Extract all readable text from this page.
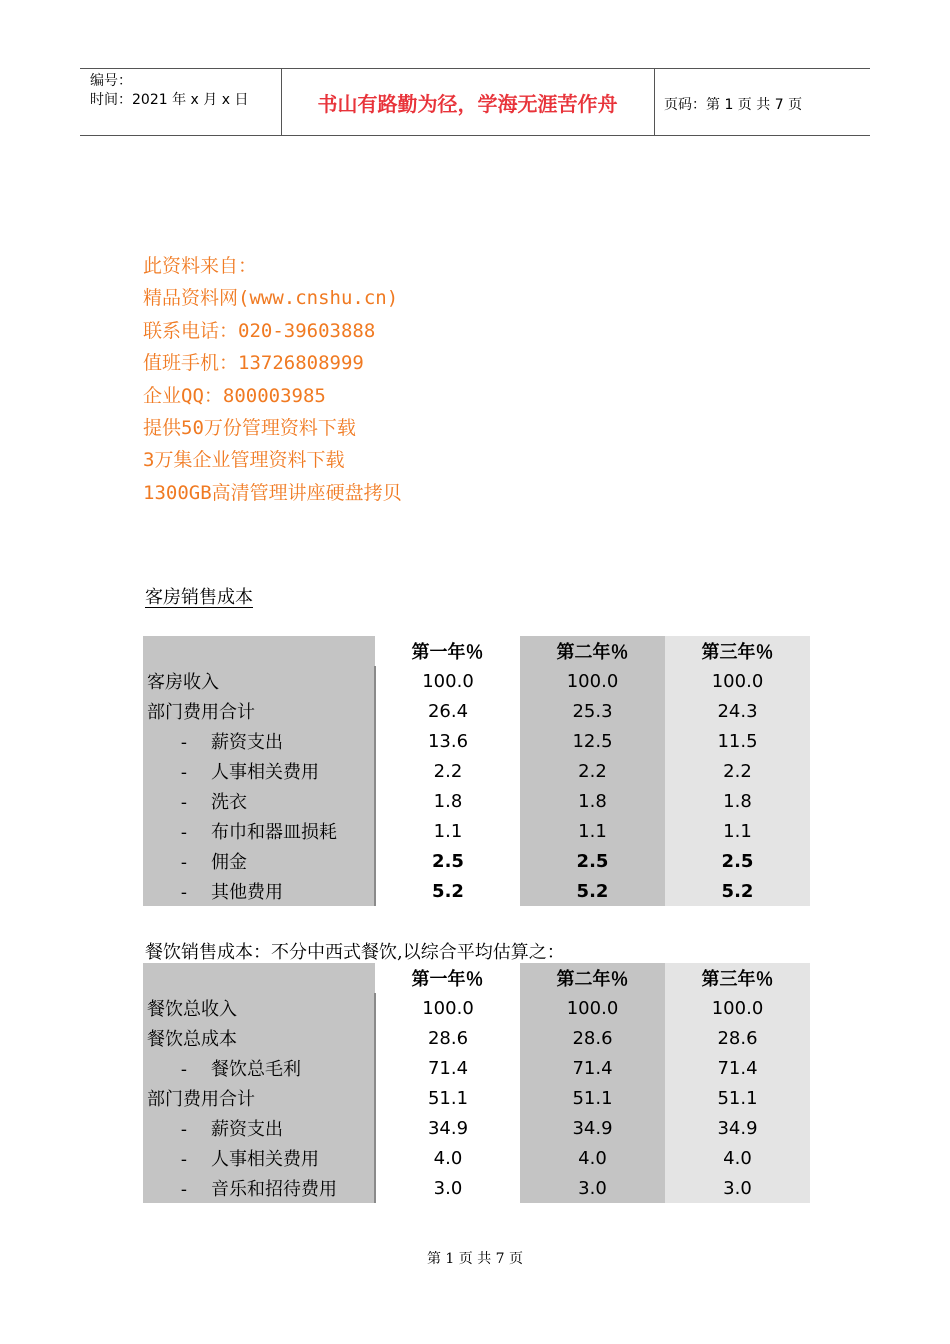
编号：
时间：2021 年 x 月 x 日	书山有路勤为径，学海无涯苦作舟	页码：第 1 页 共 7 页
此资料来自：
精品资料网(www.cnshu.cn)
联系电话：020-39603888
值班手机：13726808999
企业QQ：800003985
提供50万份管理资料下载
3万集企业管理资料下载
1300GB高清管理讲座硬盘拷贝
客房销售成本
	第一年％	第二年％	第三年％
客房收入	100.0	100.0	100.0
部门费用合计	26.4	25.3	24.3
- 薪资支出	13.6	12.5	11.5
- 人事相关费用	2.2	2.2	2.2
- 洗衣	1.8	1.8	1.8
- 布巾和器皿损耗	1.1	1.1	1.1
- 佣金	2.5	2.5	2.5
- 其他费用	5.2	5.2	5.2
餐饮销售成本：不分中西式餐饮,以综合平均估算之：
	第一年％	第二年％	第三年％
餐饮总收入	100.0	100.0	100.0
餐饮总成本	28.6	28.6	28.6
- 餐饮总毛利	71.4	71.4	71.4
部门费用合计	51.1	51.1	51.1
- 薪资支出	34.9	34.9	34.9
- 人事相关费用	4.0	4.0	4.0
- 音乐和招待费用	3.0	3.0	3.0
第 1 页 共 7 页
